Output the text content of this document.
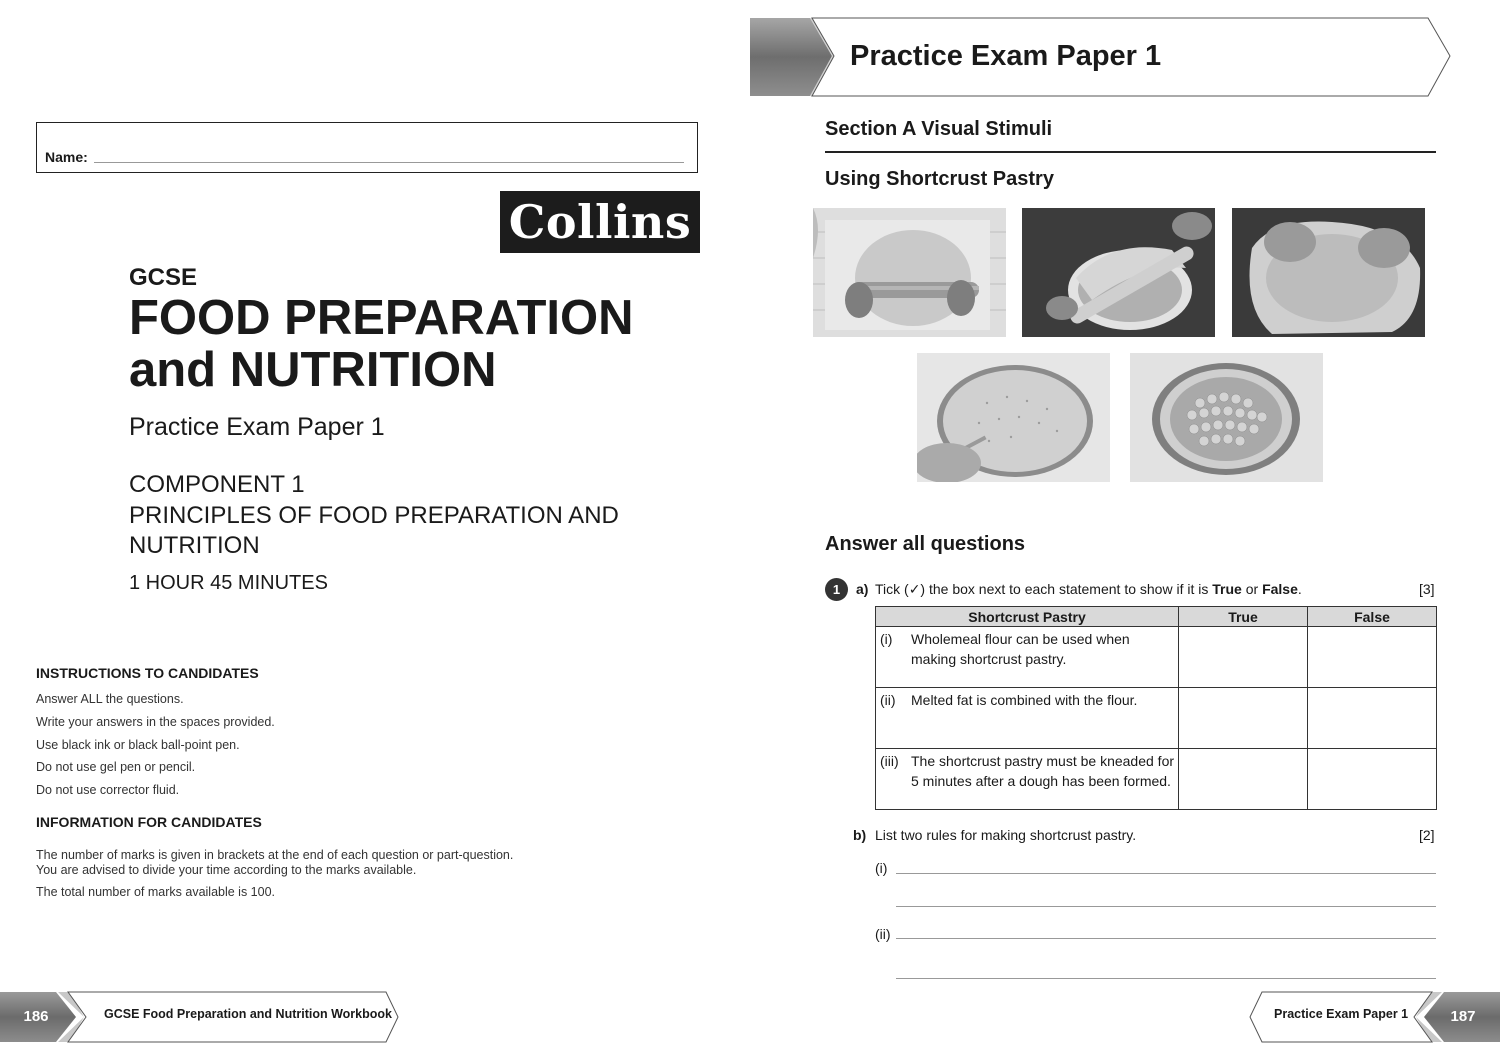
Name:
Collins
GCSE
FOOD PREPARATION
and NUTRITION
Practice Exam Paper 1
COMPONENT 1
PRINCIPLES OF FOOD PREPARATION AND
NUTRITION
1 HOUR 45 MINUTES
INSTRUCTIONS TO CANDIDATES
Answer ALL the questions.
Write your answers in the spaces provided.
Use black ink or black ball-point pen.
Do not use gel pen or pencil.
Do not use corrector fluid.
INFORMATION FOR CANDIDATES
The number of marks is given in brackets at the end of each question or part-question.
You are advised to divide your time according to the marks available.
The total number of marks available is 100.
186	GCSE Food Preparation and Nutrition Workbook
Practice Exam Paper 1
Section A Visual Stimuli
Using Shortcrust Pastry
Answer all questions
1	a) Tick (✓) the box next to each statement to show if it is True or False.	[3]
Shortcrust Pastry	True	False

(i) Wholemeal flour can be used when making shortcrust pastry.		

(ii) Melted fat is combined with the flour.		

(iii) The shortcrust pastry must be kneaded for 5 minutes after a dough has been formed.		

b) List two rules for making shortcrust pastry.	[2]
(i)
(ii)
Practice Exam Paper 1	187
